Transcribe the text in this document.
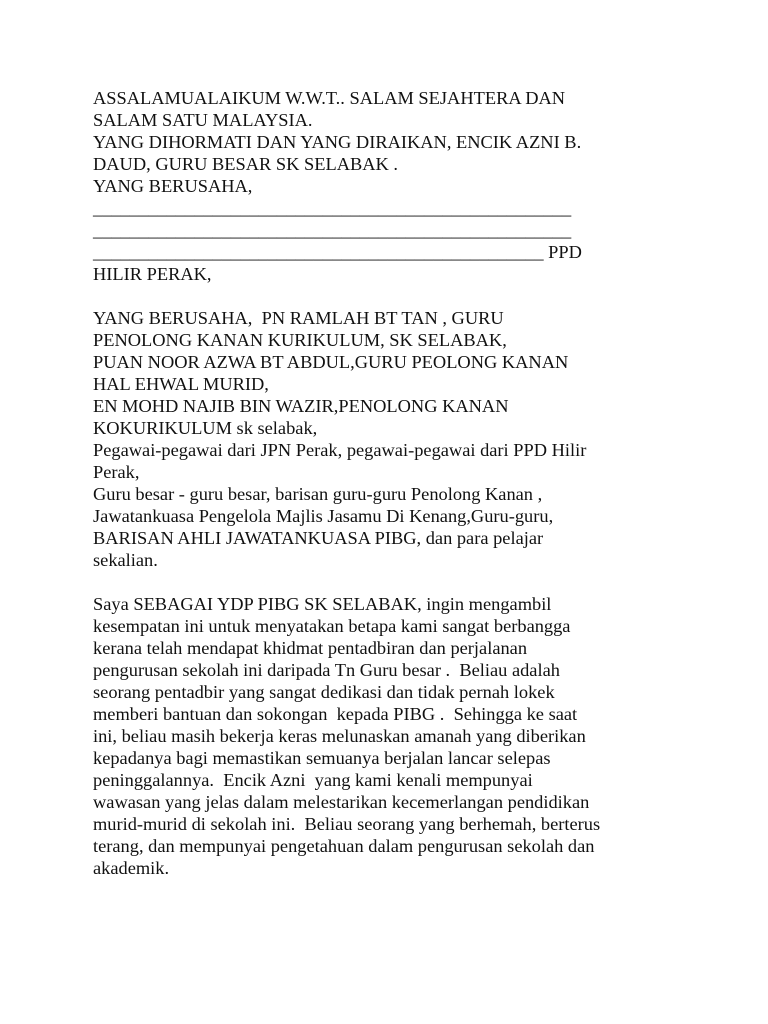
ASSALAMUALAIKUM W.W.T.. SALAM SEJAHTERA DAN
SALAM SATU MALAYSIA.
YANG DIHORMATI DAN YANG DIRAIKAN, ENCIK AZNI B.
DAUD, GURU BESAR SK SELABAK .
YANG BERUSAHA,
____________________________________________________
____________________________________________________
_________________________________________________ PPD
HILIR PERAK,
YANG BERUSAHA,  PN RAMLAH BT TAN , GURU
PENOLONG KANAN KURIKULUM, SK SELABAK,
PUAN NOOR AZWA BT ABDUL,GURU PEOLONG KANAN
HAL EHWAL MURID,
EN MOHD NAJIB BIN WAZIR,PENOLONG KANAN
KOKURIKULUM sk selabak,
Pegawai-pegawai dari JPN Perak, pegawai-pegawai dari PPD Hilir
Perak,
Guru besar - guru besar, barisan guru-guru Penolong Kanan ,
Jawatankuasa Pengelola Majlis Jasamu Di Kenang,Guru-guru,
BARISAN AHLI JAWATANKUASA PIBG, dan para pelajar
sekalian.
Saya SEBAGAI YDP PIBG SK SELABAK, ingin mengambil
kesempatan ini untuk menyatakan betapa kami sangat berbangga
kerana telah mendapat khidmat pentadbiran dan perjalanan
pengurusan sekolah ini daripada Tn Guru besar .  Beliau adalah
seorang pentadbir yang sangat dedikasi dan tidak pernah lokek
memberi bantuan dan sokongan  kepada PIBG .  Sehingga ke saat
ini, beliau masih bekerja keras melunaskan amanah yang diberikan
kepadanya bagi memastikan semuanya berjalan lancar selepas
peninggalannya.  Encik Azni  yang kami kenali mempunyai
wawasan yang jelas dalam melestarikan kecemerlangan pendidikan
murid-murid di sekolah ini.  Beliau seorang yang berhemah, berterus
terang, dan mempunyai pengetahuan dalam pengurusan sekolah dan
akademik.
